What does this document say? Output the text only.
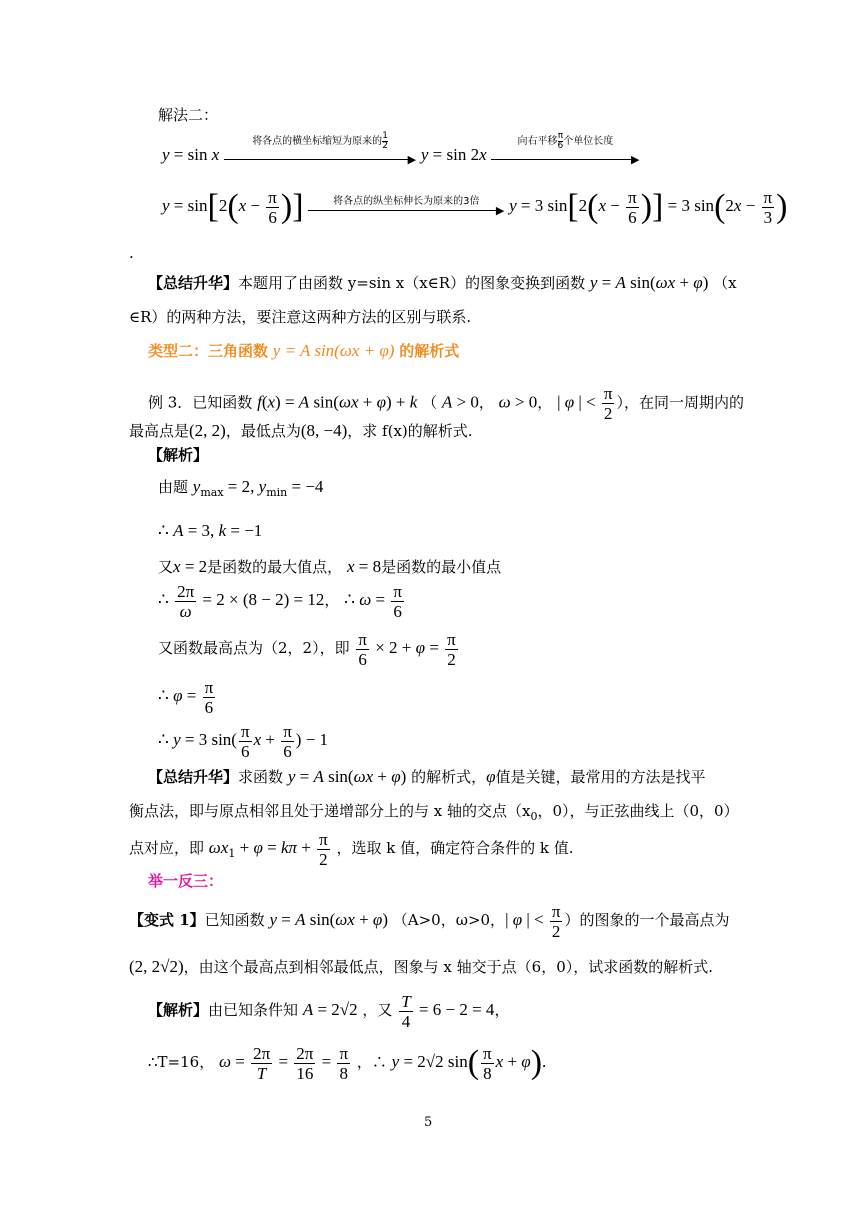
解法二：
y = sin x
将各点的横坐标缩短为原来的 $\frac{1}{2}$
▶ y = sin 2x
向右平移 $\frac{\pi}{6}$ 个单位长度
▶
$y = \sin[2(x - \frac{\pi}{6}$ )]	将各点的纵坐标伸长为原来的3倍
▶ y = 3 $\sin[2(x - \frac{\pi}{6}$ )] = 3 $\sin(2x - \frac{\pi}{3}$ )
.
【总结升华】本题用了由函数 y=sin x（x∈R）的图象变换到函数 y = A sin(ωx + φ) （x
∈R）的两种方法，要注意这两种方法的区别与联系.
类型二：三角函数 y = A sin(ωx + φ) 的解析式
例 3．已知函数 f(x) = A sin(ωx + φ) + k （ A > 0， ω > 0， | φ | < $\frac{\pi}{2}$ ），在同一周期内的
最高点是(2, 2)，最低点为(8, −4)，求 f(x)的解析式.
【解析】
由题 $y_{max} = 2$, $y_{min} = -4$
∴ A = 3, k = −1
又x = 2是函数的最大值点， x = 8是函数的最小值点
∴ $\frac{2\pi}{\omega} = 2 \times (8 - 2) = 12$， ∴ $\omega = \frac{\pi}{6}$
又函数最高点为（2，2），即 $\frac{\pi}{6} \times 2 + \varphi = \frac{\pi}{2}$
∴ $\varphi = \frac{\pi}{6}$
∴ y = 3 $\sin( \frac{\pi}{6}$ $x + \frac{\pi}{6}$ ) − 1
【总结升华】求函数 y = A sin(ωx + φ) 的解析式，φ值是关键，最常用的方法是找平
衡点法，即与原点相邻且处于递增部分上的与 x 轴的交点（$x_0$，0），与正弦曲线上（0，0）
点对应，即 $\omega x_1 + \varphi = k\pi + \frac{\pi}{2}$ ，选取 k 值，确定符合条件的 k 值.
举一反三：
【变式 1】已知函数 y = A sin(ωx + φ) （A>0，ω>0，| φ | < $\frac{\pi}{2}$ ）的图象的一个最高点为
(2, 2√2)，由这个最高点到相邻最低点，图象与 x 轴交于点（6，0），试求函数的解析式.
【解析】由已知条件知 A = 2√2 ，又 $\frac{T}{4} = 6 - 2 = 4$，
∴T=16， $\omega = \frac{2\pi}{T} = \frac{2\pi}{16} = \frac{\pi}{8}$ ，∴ y = 2√2 $\sin( \frac{\pi}{8}$ x + φ).
5
